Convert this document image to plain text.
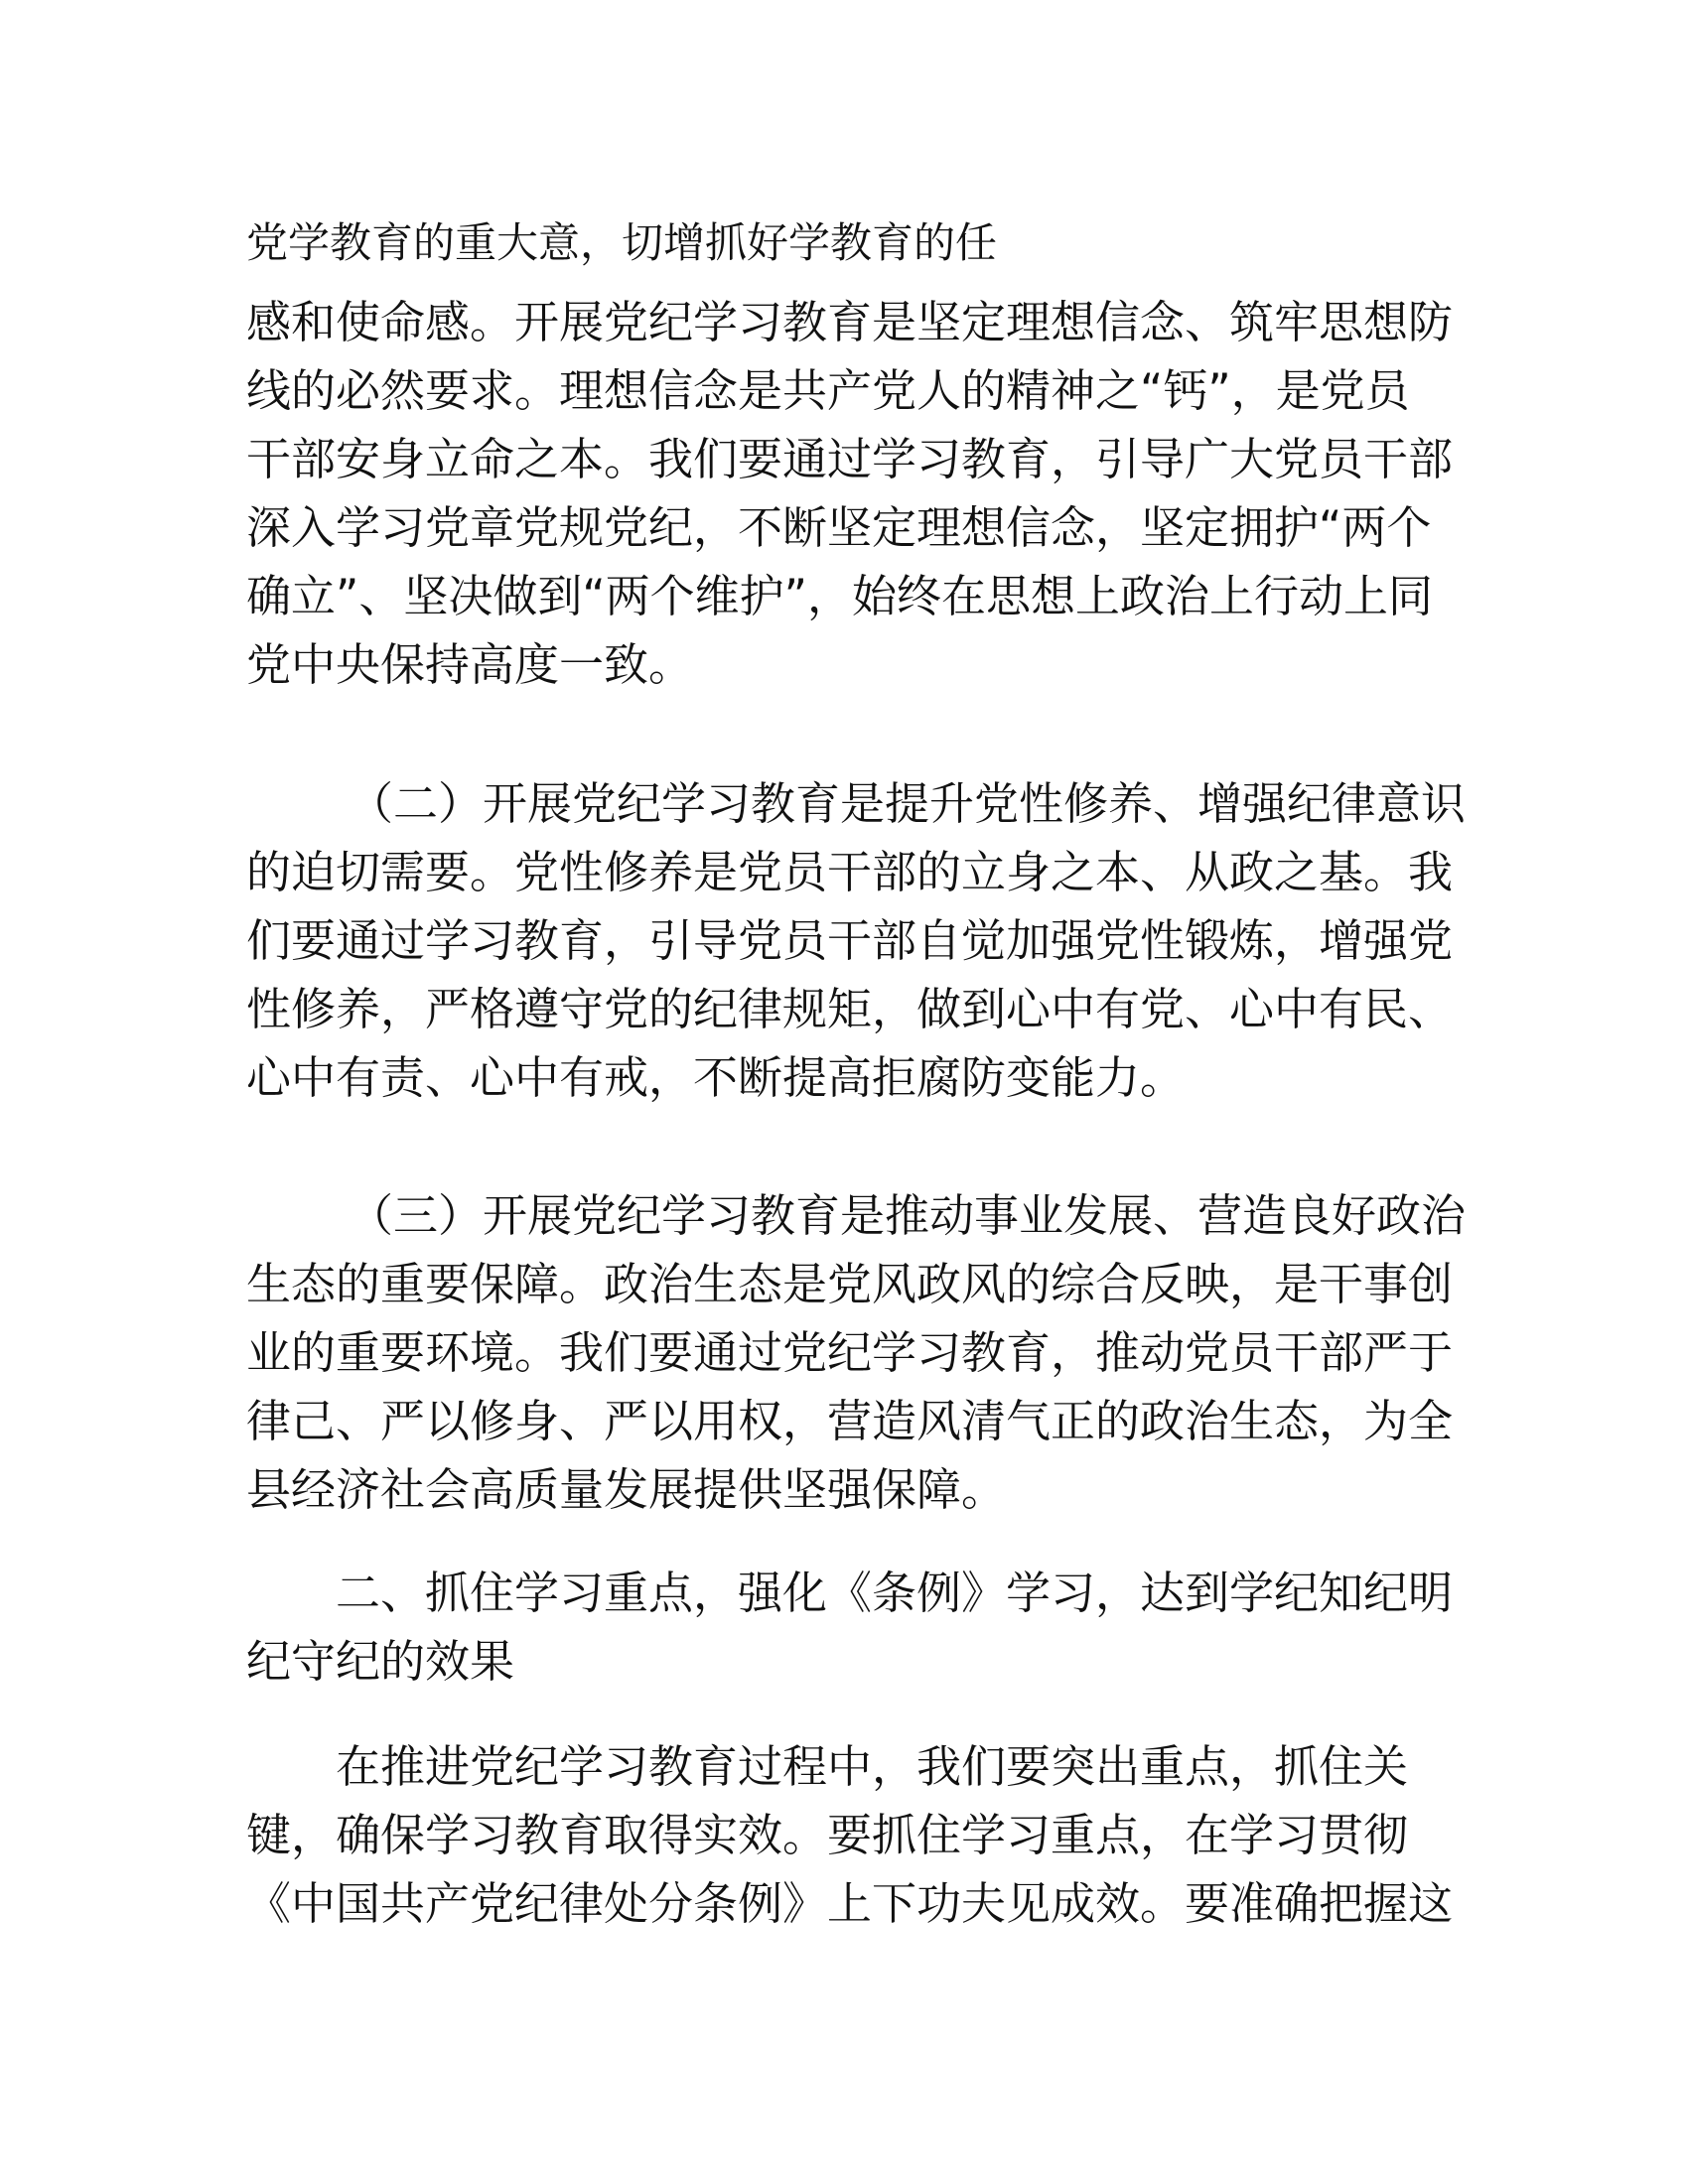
党学教育的重大意，切增抓好学教育的任
感和使命感。开展党纪学习教育是坚定理想信念、筑牢思想防
线的必然要求。理想信念是共产党人的精神之“钙”，是党员
干部安身立命之本。我们要通过学习教育，引导广大党员干部
深入学习党章党规党纪，不断坚定理想信念，坚定拥护“两个
确立”、坚决做到“两个维护”，始终在思想上政治上行动上同
党中央保持高度一致。
（二）开展党纪学习教育是提升党性修养、增强纪律意识
的迫切需要。党性修养是党员干部的立身之本、从政之基。我
们要通过学习教育，引导党员干部自觉加强党性锻炼，增强党
性修养，严格遵守党的纪律规矩，做到心中有党、心中有民、
心中有责、心中有戒，不断提高拒腐防变能力。
（三）开展党纪学习教育是推动事业发展、营造良好政治
生态的重要保障。政治生态是党风政风的综合反映，是干事创
业的重要环境。我们要通过党纪学习教育，推动党员干部严于
律己、严以修身、严以用权，营造风清气正的政治生态，为全
县经济社会高质量发展提供坚强保障。
二、抓住学习重点，强化《条例》学习，达到学纪知纪明
纪守纪的效果
在推进党纪学习教育过程中，我们要突出重点，抓住关
键，确保学习教育取得实效。要抓住学习重点，在学习贯彻
《中国共产党纪律处分条例》上下功夫见成效。要准确把握这
